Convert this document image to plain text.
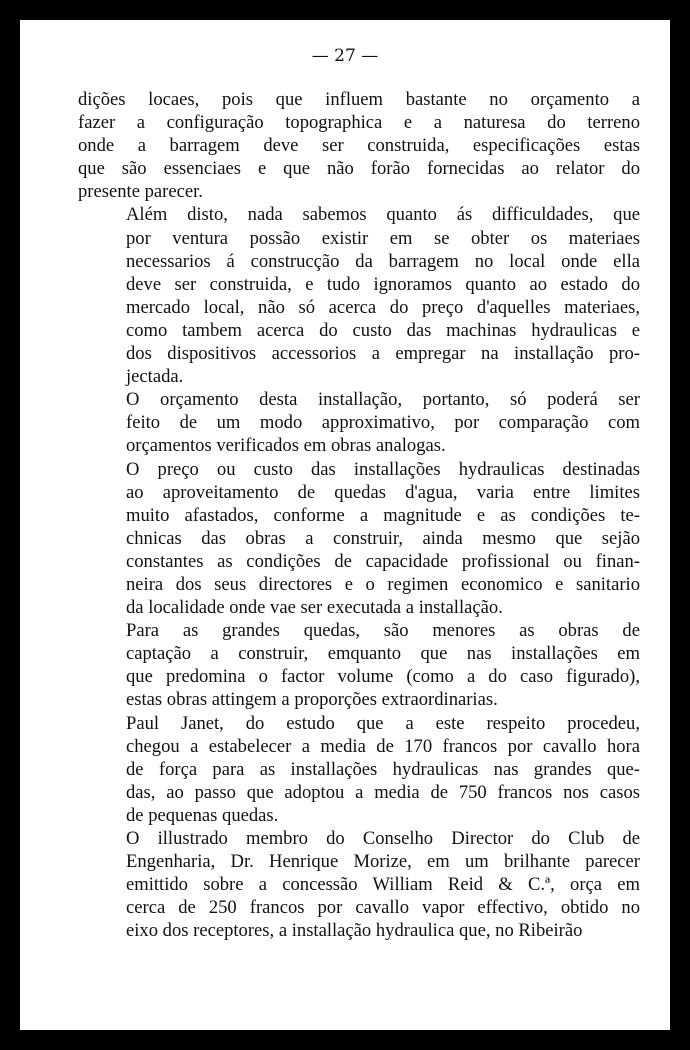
— 27 —

dições locaes, pois que influem bastante no orçamento a
fazer a configuração topographica e a naturesa do terreno
onde a barragem deve ser construida, especificações estas
que são essenciaes e que não forão fornecidas ao relator do
presente parecer.

Além disto, nada sabemos quanto ás difficuldades, que
por ventura possão existir em se obter os materiaes
necessarios á construcção da barragem no local onde ella
deve ser construida, e tudo ignoramos quanto ao estado do
mercado local, não só acerca do preço d'aquelles materiaes,
como tambem acerca do custo das machinas hydraulicas e
dos dispositivos accessorios a empregar na installação pro-
jectada.

O orçamento desta installação, portanto, só poderá ser
feito de um modo approximativo, por comparação com
orçamentos verificados em obras analogas.

O preço ou custo das installações hydraulicas destinadas
ao aproveitamento de quedas d'agua, varia entre limites
muito afastados, conforme a magnitude e as condições te-
chnicas das obras a construir, ainda mesmo que sejão
constantes as condições de capacidade profissional ou finan-
neira dos seus directores e o regimen economico e sanitario
da localidade onde vae ser executada a installação.

Para as grandes quedas, são menores as obras de
captação a construir, emquanto que nas installações em
que predomina o factor volume (como a do caso figurado),
estas obras attingem a proporções extraordinarias.

Paul Janet, do estudo que a este respeito procedeu,
chegou a estabelecer a media de 170 francos por cavallo hora
de força para as installações hydraulicas nas grandes que-
das, ao passo que adoptou a media de 750 francos nos casos
de pequenas quedas.

O illustrado membro do Conselho Director do Club de
Engenharia, Dr. Henrique Morize, em um brilhante parecer
emittido sobre a concessão William Reid & C.ª, orça em
cerca de 250 francos por cavallo vapor effectivo, obtido no
eixo dos receptores, a installação hydraulica que, no Ribeirão
